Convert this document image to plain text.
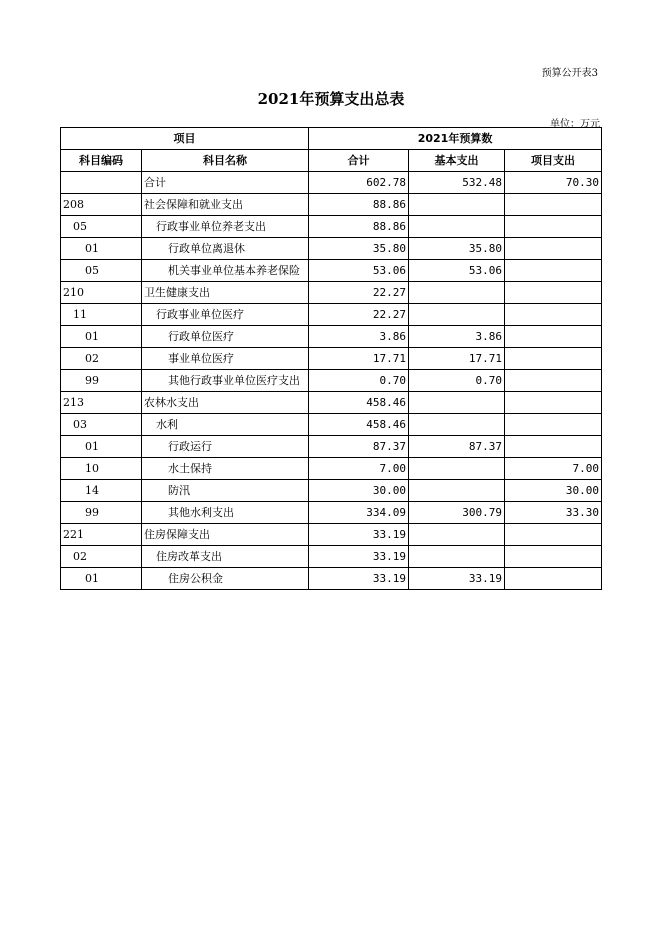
预算公开表3
2021年预算支出总表
单位：万元
项目		2021年预算数		
科目编码	科目名称	合计	基本支出	项目支出
	合计	602.78	532.48	70.30
208	社会保障和就业支出	88.86		
05	行政事业单位养老支出	88.86		
01	行政单位离退休	35.80	35.80	
05	机关事业单位基本养老保险	53.06	53.06	
210	卫生健康支出	22.27		
11	行政事业单位医疗	22.27		
01	行政单位医疗	3.86	3.86	
02	事业单位医疗	17.71	17.71	
99	其他行政事业单位医疗支出	0.70	0.70	
213	农林水支出	458.46		
03	水利	458.46		
01	行政运行	87.37	87.37	
10	水土保持	7.00		7.00
14	防汛	30.00		30.00
99	其他水利支出	334.09	300.79	33.30
221	住房保障支出	33.19		
02	住房改革支出	33.19		
01	住房公积金	33.19	33.19	
